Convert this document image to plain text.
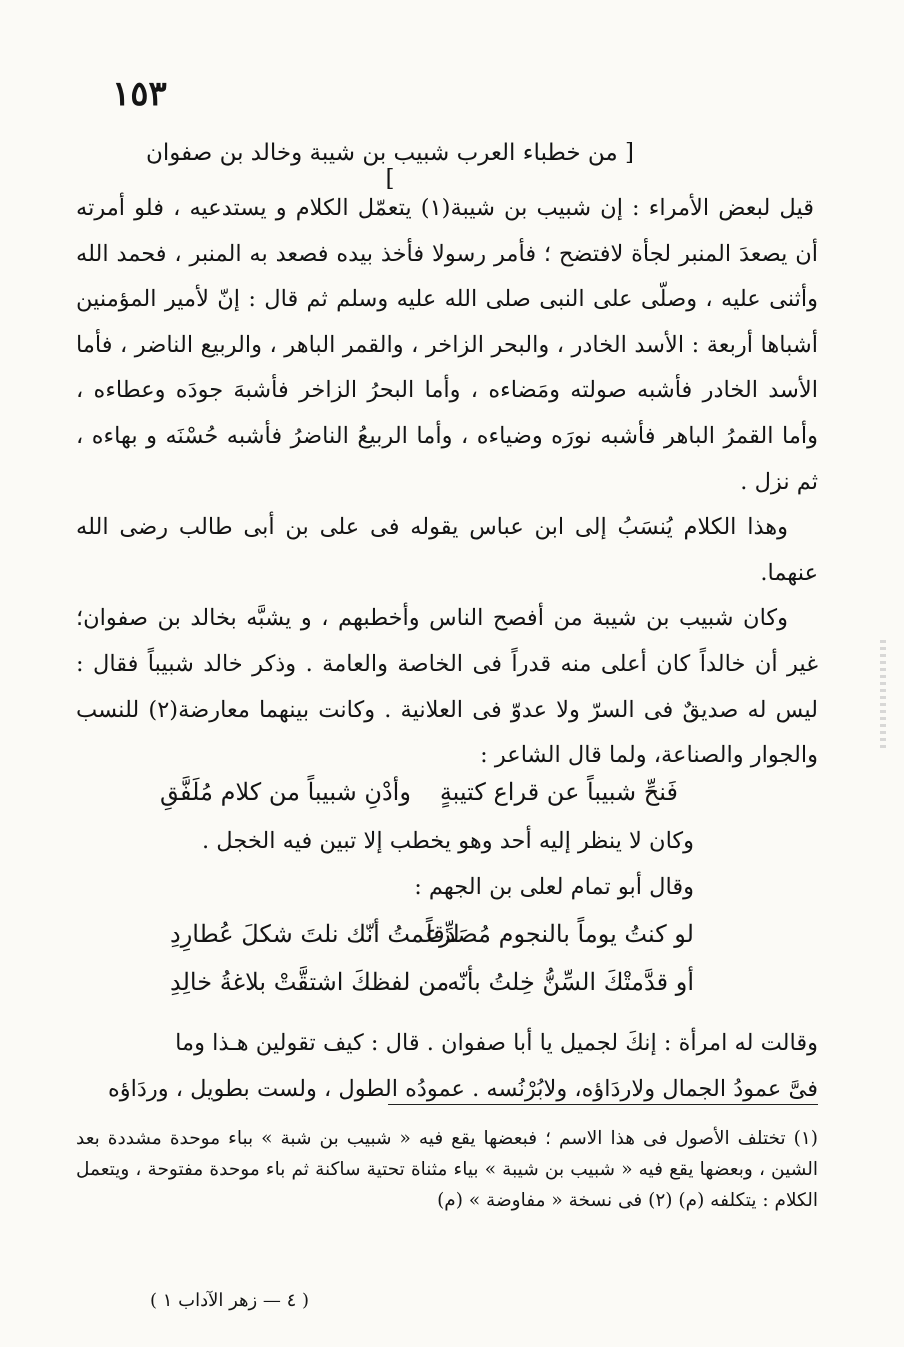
١٥٣
[ من خطباء العرب شبيب بن شيبة وخالد بن صفوان ]

قيل لبعض الأمراء : إن شبيب بن شيبة(١) يتعمّل الكلام و يستدعيه ، فلو أمرته أن يصعدَ المنبر لجأة لافتضح ؛ فأمر رسولا فأخذ بيده فصعد به المنبر ، فحمد الله وأثنى عليه ، وصلّى على النبى صلى الله عليه وسلم ثم قال : إنّ لأمير المؤمنين أشباها أربعة : الأسد الخادر ، والبحر الزاخر ، والقمر الباهر ، والربيع الناضر ، فأما الأسد الخادر فأشبه صولته ومَضاءه ، وأما البحرُ الزاخر فأشبهَ جودَه وعطاءه ، وأما القمرُ الباهر فأشبه نورَه وضياءه ، وأما الربيعُ الناضرُ فأشبه حُسْنَه و بهاءه ، ثم نزل .

وهذا الكلام يُنسَبُ إلى ابن عباس يقوله فى على بن أبى طالب رضى الله عنهما.

وكان شبيب بن شيبة من أفصح الناس وأخطبهم ، و يشبَّه بخالد بن صفوان؛ غير أن خالداً كان أعلى منه قدراً فى الخاصة والعامة . وذكر خالد شبيباً فقال : ليس له صديقٌ فى السرّ ولا عدوّ فى العلانية . وكانت بينهما معارضة(٢) للنسب والجوار والصناعة، ولما قال الشاعر :

فَنحِّ شبيباً عن قراع كتيبةٍ
وأدْنِ شبيباً من كلام مُلَفَّقِ
وكان لا ينظر إليه أحد وهو يخطب إلا تبين فيه الخجل .
وقال أبو تمام لعلى بن الجهم :
لو كنتُ يوماً بالنجوم مُصَدِّقاً
لزعمتُ أنّك نلتَ شكلَ عُطارِدِ
أو قدَّمتْكَ السِّنُّ خِلتُ بأنّه
من لفظكَ اشتقَّتْ بلاغةُ خالِدِ
وقالت له امرأة : إنكَ لجميل يا أبا صفوان . قال : كيف تقولين هـذا وما
فىَّ عمودُ الجمال ولاردَاؤه، ولابُرْنُسه . عمودُه الطول ، ولست بطويل ، وردَاؤه
(١) تختلف الأصول فى هذا الاسم ؛ فبعضها يقع فيه « شبيب بن شبة » بباء موحدة مشددة بعد الشين ، وبعضها يقع فيه « شبيب بن شيبة » بياء مثناة تحتية ساكنة ثم باء موحدة مفتوحة ، ويتعمل الكلام : يتكلفه (م) (٢) فى نسخة « مفاوضة » (م)
( ٤ — زهر الآداب ١ )
